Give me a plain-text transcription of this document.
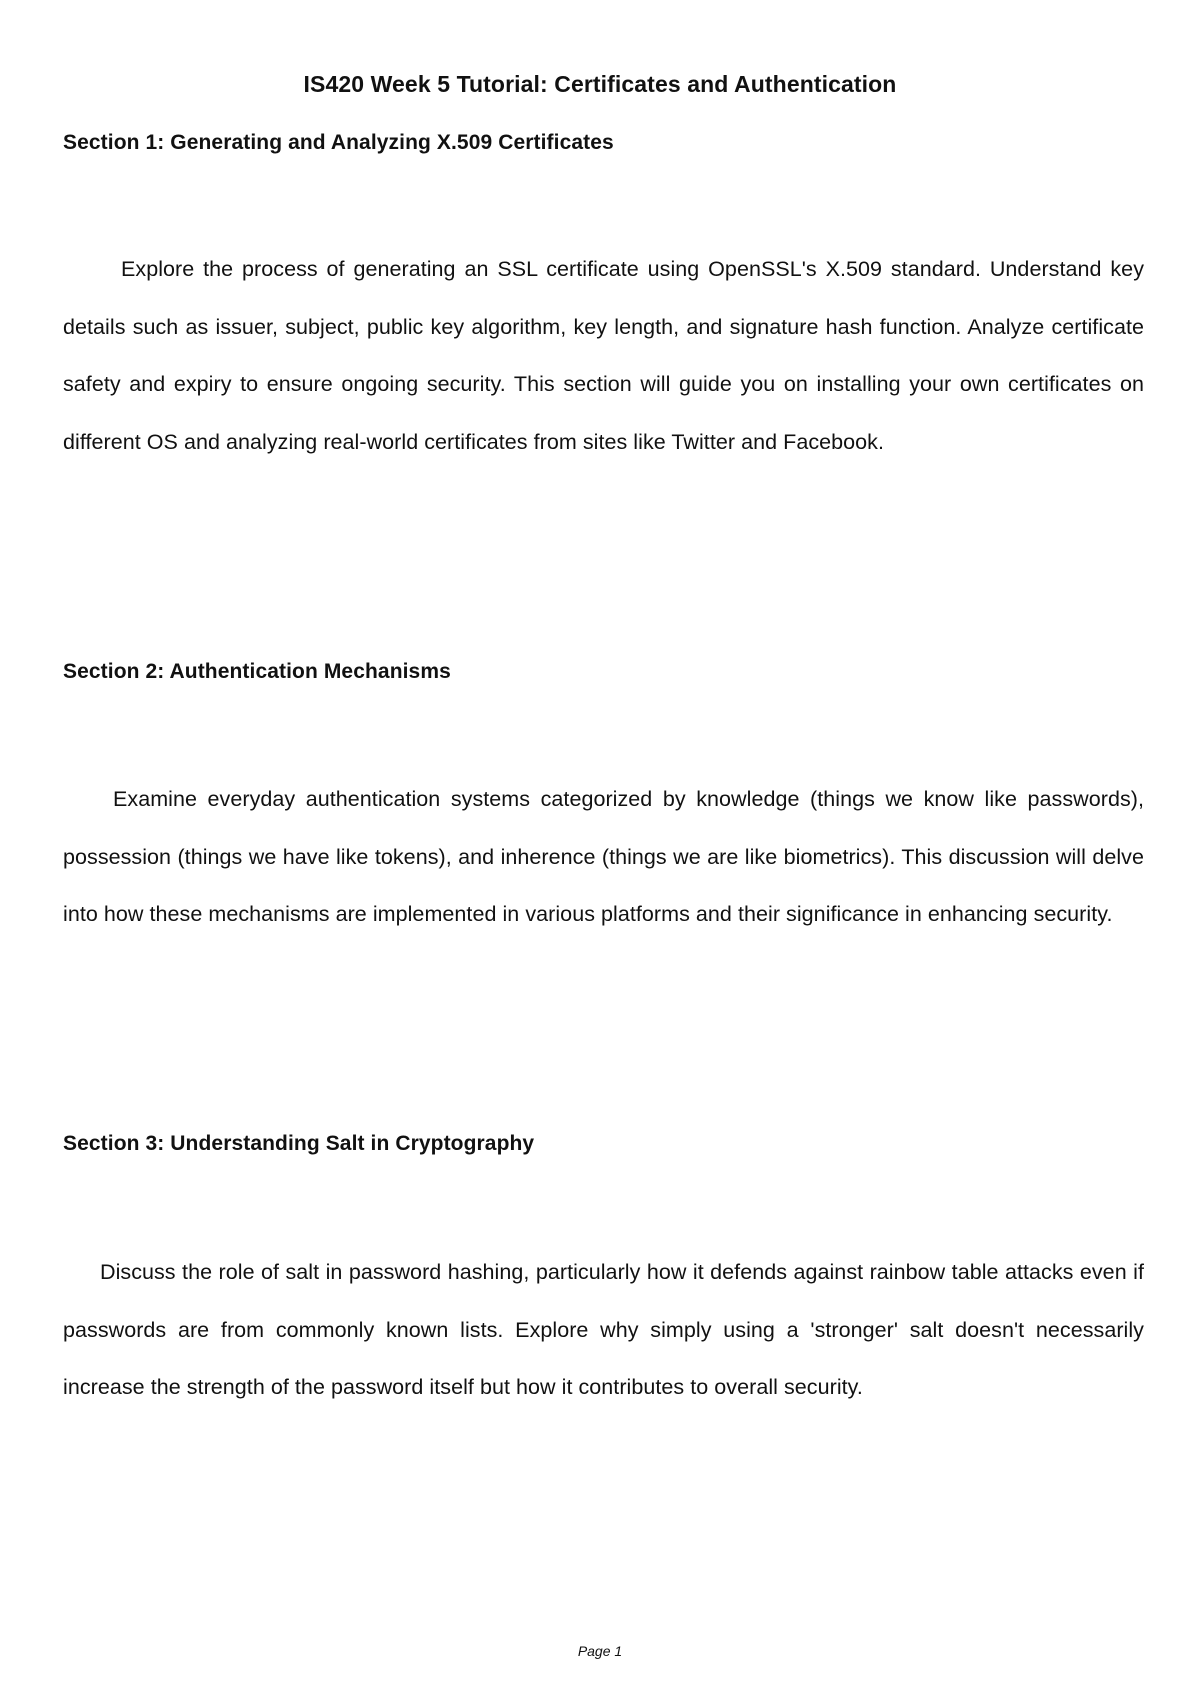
IS420 Week 5 Tutorial: Certificates and Authentication
Section 1: Generating and Analyzing X.509 Certificates

Explore the process of generating an SSL certificate using OpenSSL's X.509 standard. Understand key details such as issuer, subject, public key algorithm, key length, and signature hash function. Analyze certificate safety and expiry to ensure ongoing security. This section will guide you on installing your own certificates on different OS and analyzing real-world certificates from sites like Twitter and Facebook.

Section 2: Authentication Mechanisms

Examine everyday authentication systems categorized by knowledge (things we know like passwords), possession (things we have like tokens), and inherence (things we are like biometrics). This discussion will delve into how these mechanisms are implemented in various platforms and their significance in enhancing security.

Section 3: Understanding Salt in Cryptography

Discuss the role of salt in password hashing, particularly how it defends against rainbow table attacks even if passwords are from commonly known lists. Explore why simply using a 'stronger' salt doesn't necessarily increase the strength of the password itself but how it contributes to overall security.

Page 1
